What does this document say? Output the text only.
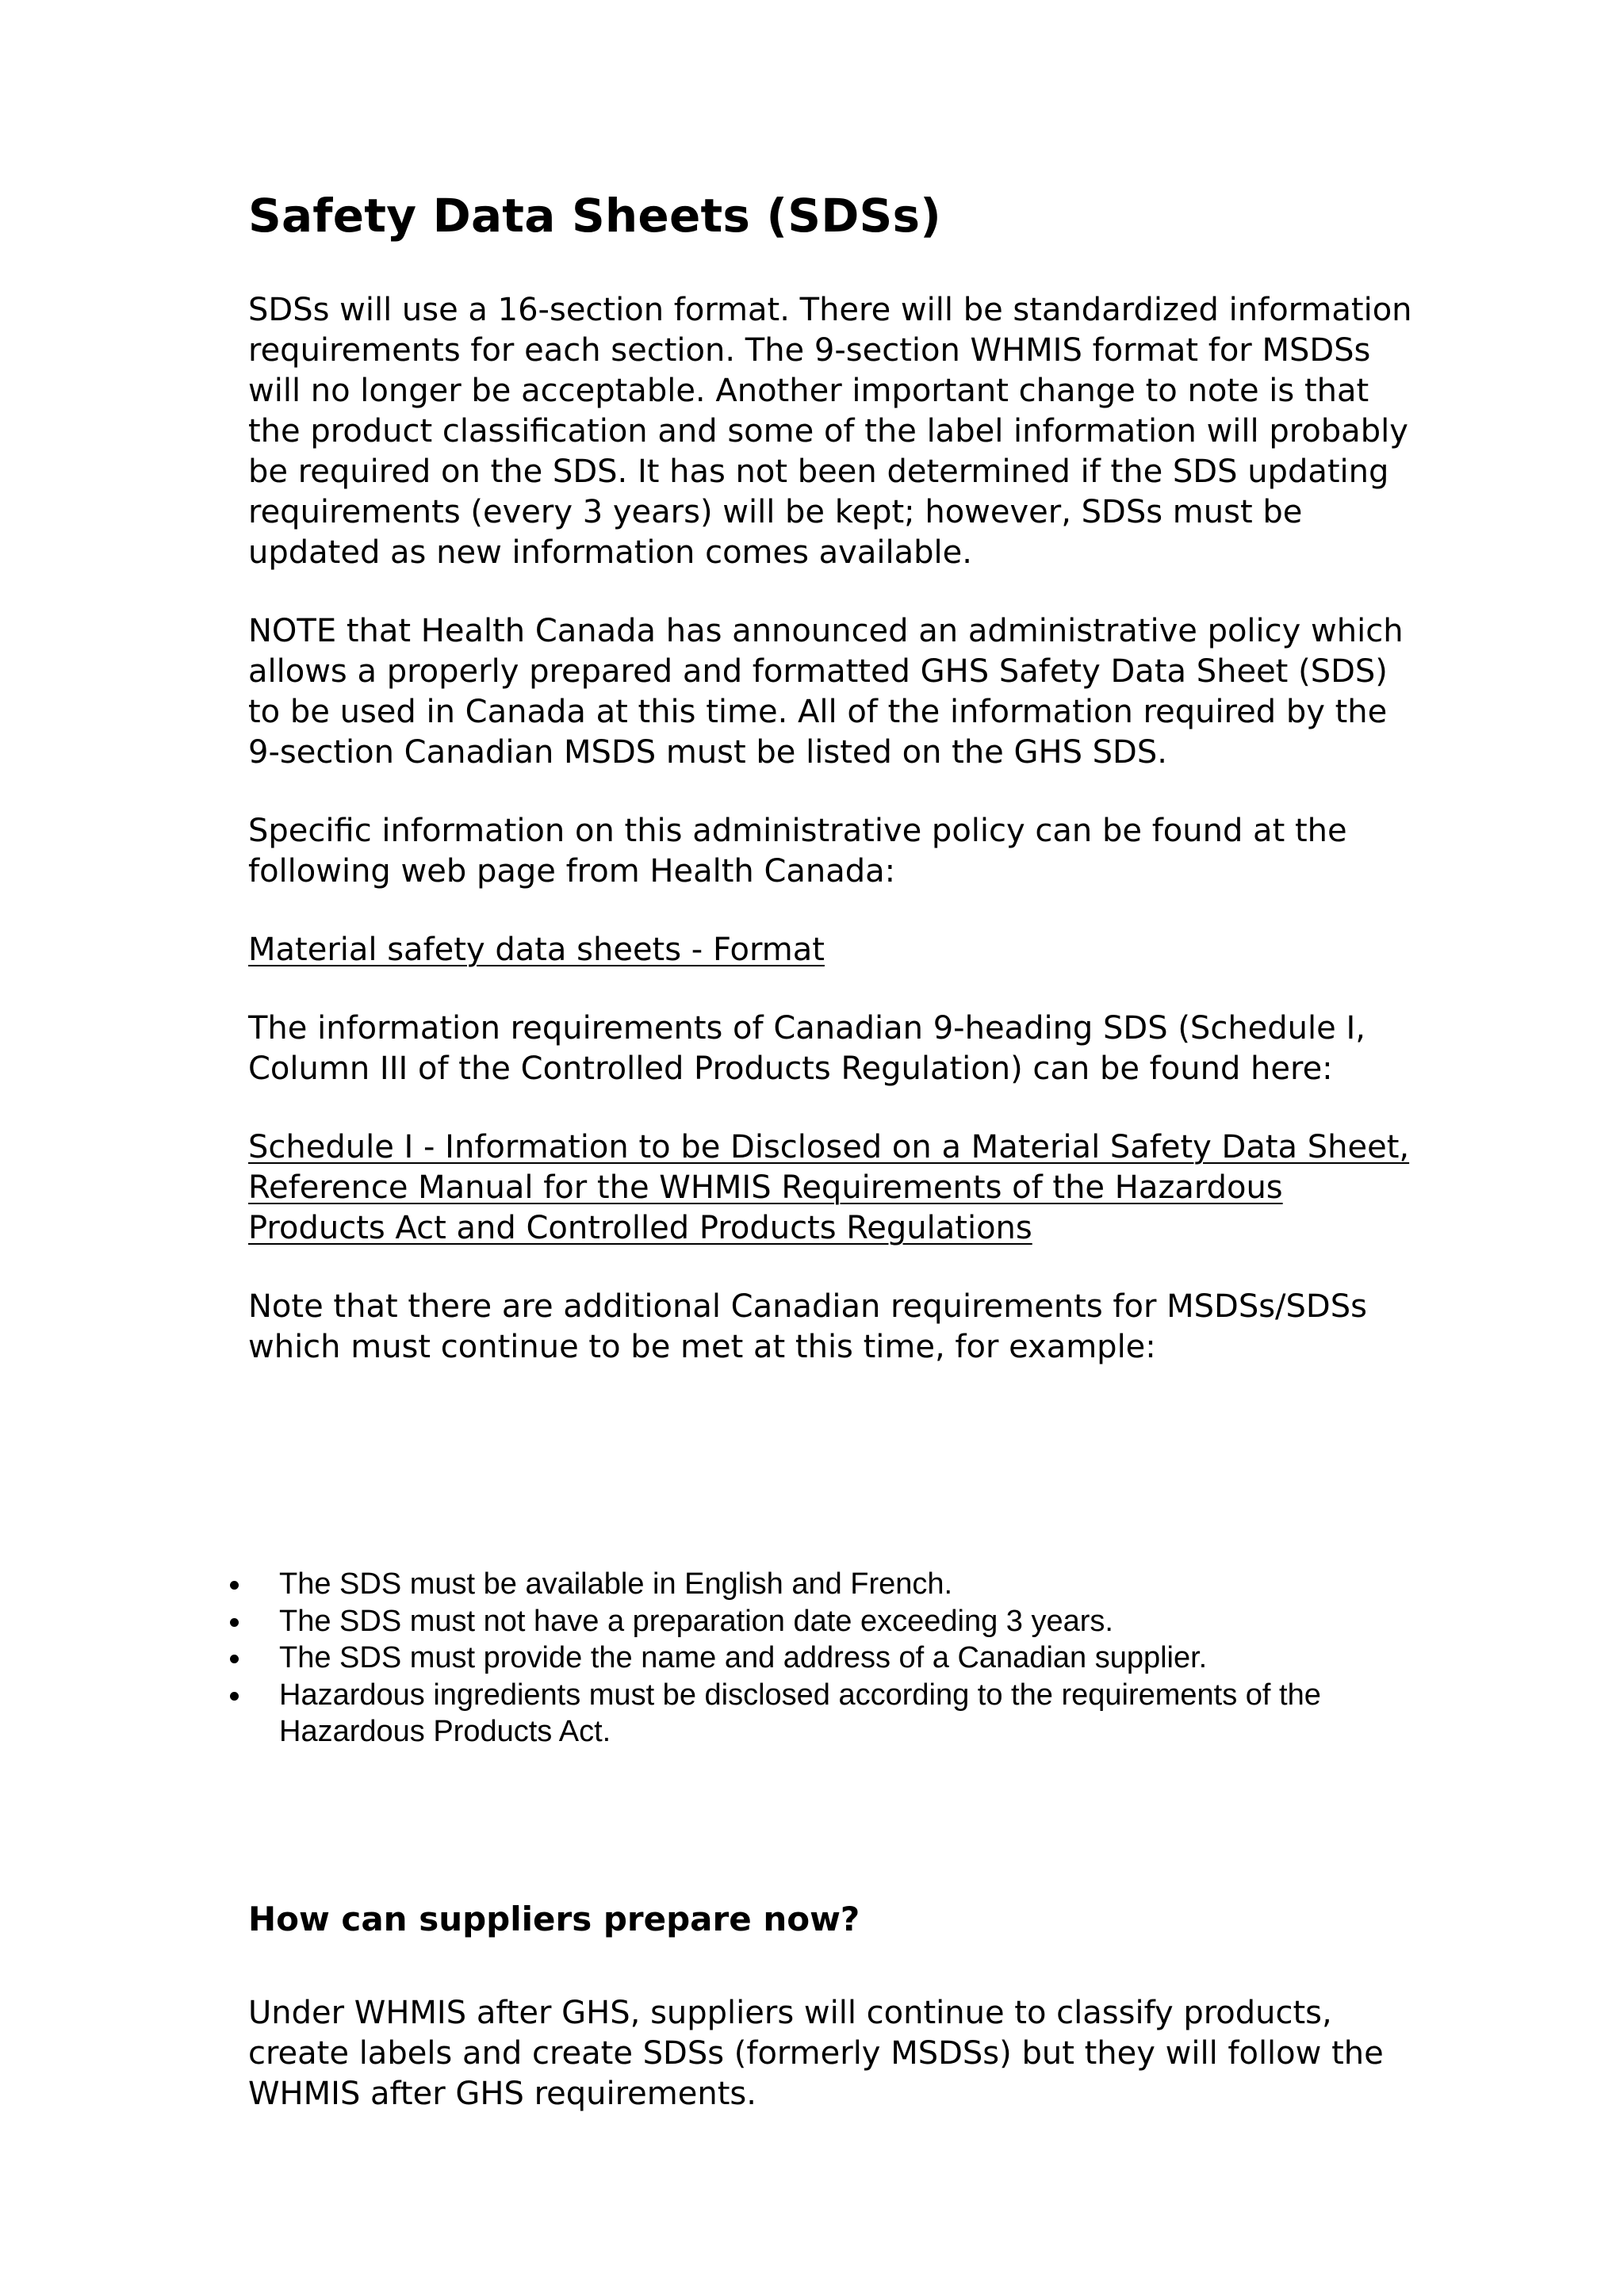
Safety Data Sheets (SDSs)

SDSs will use a 16-section format. There will be standardized information requirements for each section. The 9-section WHMIS format for MSDSs will no longer be acceptable. Another important change to note is that the product classification and some of the label information will probably be required on the SDS. It has not been determined if the SDS updating requirements (every 3 years) will be kept; however, SDSs must be updated as new information comes available.

NOTE that Health Canada has announced an administrative policy which allows a properly prepared and formatted GHS Safety Data Sheet (SDS) to be used in Canada at this time. All of the information required by the 9-section Canadian MSDS must be listed on the GHS SDS.

Specific information on this administrative policy can be found at the following web page from Health Canada:

Material safety data sheets - Format

The information requirements of Canadian 9-heading SDS (Schedule I, Column III of the Controlled Products Regulation) can be found here:

Schedule I - Information to be Disclosed on a Material Safety Data Sheet, Reference Manual for the WHMIS Requirements of the Hazardous Products Act and Controlled Products Regulations

Note that there are additional Canadian requirements for MSDSs/SDSs which must continue to be met at this time, for example:

The SDS must be available in English and French.
The SDS must not have a preparation date exceeding 3 years.
The SDS must provide the name and address of a Canadian supplier.
Hazardous ingredients must be disclosed according to the requirements of the Hazardous Products Act.
How can suppliers prepare now?

Under WHMIS after GHS, suppliers will continue to classify products, create labels and create SDSs (formerly MSDSs) but they will follow the WHMIS after GHS requirements.
